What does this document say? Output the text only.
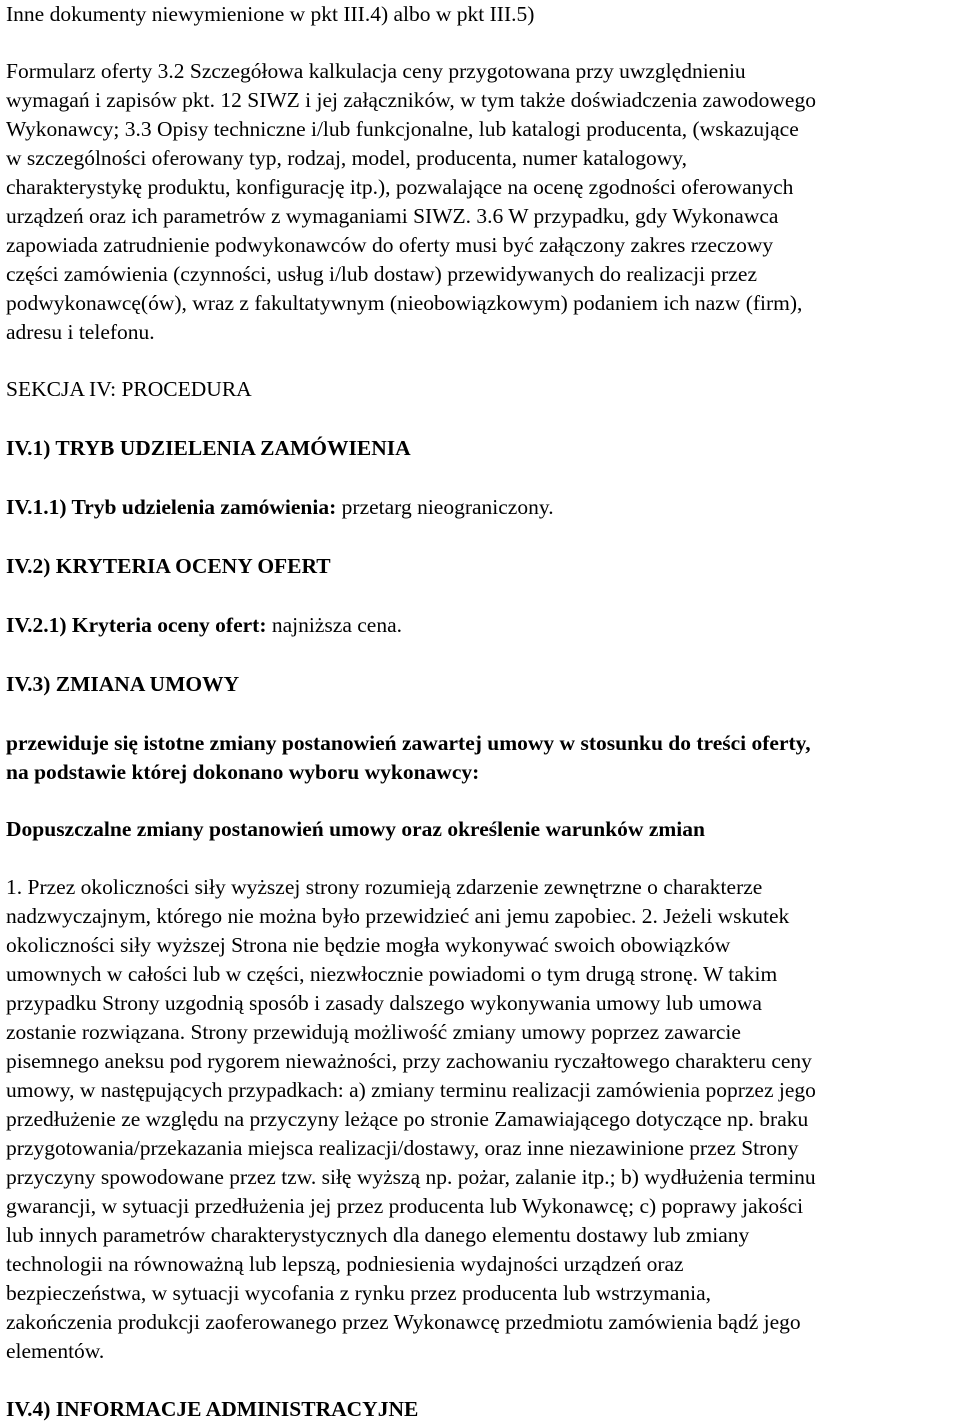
Inne dokumenty niewymienione w pkt III.4) albo w pkt III.5)
Formularz oferty 3.2 Szczegółowa kalkulacja ceny przygotowana przy uwzględnieniu
wymagań i zapisów pkt. 12 SIWZ i jej załączników, w tym także doświadczenia zawodowego
Wykonawcy; 3.3 Opisy techniczne i/lub funkcjonalne, lub katalogi producenta, (wskazujące
w szczególności oferowany typ, rodzaj, model, producenta, numer katalogowy,
charakterystykę produktu, konfigurację itp.), pozwalające na ocenę zgodności oferowanych
urządzeń oraz ich parametrów z wymaganiami SIWZ. 3.6 W przypadku, gdy Wykonawca
zapowiada zatrudnienie podwykonawców do oferty musi być załączony zakres rzeczowy
części zamówienia (czynności, usług i/lub dostaw) przewidywanych do realizacji przez
podwykonawcę(ów), wraz z fakultatywnym (nieobowiązkowym) podaniem ich nazw (firm),
adresu i telefonu.
SEKCJA IV: PROCEDURA
IV.1) TRYB UDZIELENIA ZAMÓWIENIA
IV.1.1) Tryb udzielenia zamówienia: przetarg nieograniczony.
IV.2) KRYTERIA OCENY OFERT
IV.2.1) Kryteria oceny ofert: najniższa cena.
IV.3) ZMIANA UMOWY
przewiduje się istotne zmiany postanowień zawartej umowy w stosunku do treści oferty,
na podstawie której dokonano wyboru wykonawcy:
Dopuszczalne zmiany postanowień umowy oraz określenie warunków zmian
1. Przez okoliczności siły wyższej strony rozumieją zdarzenie zewnętrzne o charakterze
nadzwyczajnym, którego nie można było przewidzieć ani jemu zapobiec. 2. Jeżeli wskutek
okoliczności siły wyższej Strona nie będzie mogła wykonywać swoich obowiązków
umownych w całości lub w części, niezwłocznie powiadomi o tym drugą stronę. W takim
przypadku Strony uzgodnią sposób i zasady dalszego wykonywania umowy lub umowa
zostanie rozwiązana. Strony przewidują możliwość zmiany umowy poprzez zawarcie
pisemnego aneksu pod rygorem nieważności, przy zachowaniu ryczałtowego charakteru ceny
umowy, w następujących przypadkach: a) zmiany terminu realizacji zamówienia poprzez jego
przedłużenie ze względu na przyczyny leżące po stronie Zamawiającego dotyczące np. braku
przygotowania/przekazania miejsca realizacji/dostawy, oraz inne niezawinione przez Strony
przyczyny spowodowane przez tzw. siłę wyższą np. pożar, zalanie itp.; b) wydłużenia terminu
gwarancji, w sytuacji przedłużenia jej przez producenta lub Wykonawcę; c) poprawy jakości
lub innych parametrów charakterystycznych dla danego elementu dostawy lub zmiany
technologii na równoważną lub lepszą, podniesienia wydajności urządzeń oraz
bezpieczeństwa, w sytuacji wycofania z rynku przez producenta lub wstrzymania,
zakończenia produkcji zaoferowanego przez Wykonawcę przedmiotu zamówienia bądź jego
elementów.
IV.4) INFORMACJE ADMINISTRACYJNE
